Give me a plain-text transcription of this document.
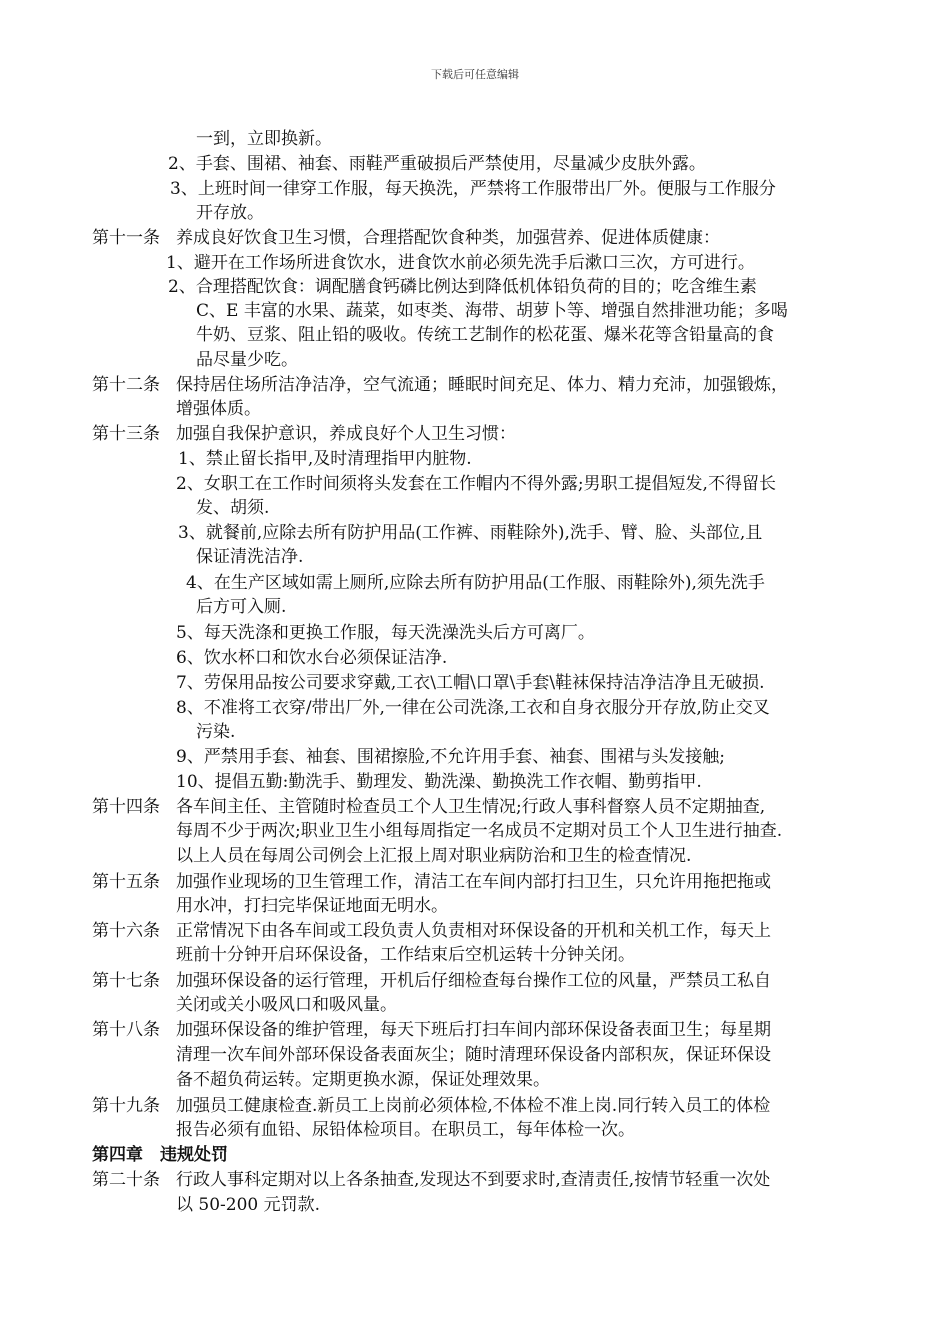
下载后可任意编辑
一到，立即换新。
2、手套、围裙、袖套、雨鞋严重破损后严禁使用，尽量减少皮肤外露。
3、上班时间一律穿工作服，每天换洗，严禁将工作服带出厂外。便服与工作服分
开存放。
第十一条 养成良好饮食卫生习惯，合理搭配饮食种类，加强营养、促进体质健康：
1、避开在工作场所进食饮水，进食饮水前必须先洗手后漱口三次，方可进行。
2、合理搭配饮食：调配膳食钙磷比例达到降低机体铅负荷的目的；吃含维生素
C、E 丰富的水果、蔬菜，如枣类、海带、胡萝卜等、增强自然排泄功能；多喝
牛奶、豆浆、阻止铅的吸收。传统工艺制作的松花蛋、爆米花等含铅量高的食
品尽量少吃。
第十二条 保持居住场所洁净洁净，空气流通；睡眠时间充足、体力、精力充沛，加强锻炼，
增强体质。
第十三条 加强自我保护意识，养成良好个人卫生习惯：
1、禁止留长指甲,及时清理指甲内脏物.
2、女职工在工作时间须将头发套在工作帽内不得外露;男职工提倡短发,不得留长
发、胡须.
3、就餐前,应除去所有防护用品(工作裤、雨鞋除外),洗手、臂、脸、头部位,且
保证清洗洁净.
4、在生产区域如需上厕所,应除去所有防护用品(工作服、雨鞋除外),须先洗手
后方可入厕.
5、每天洗涤和更换工作服，每天洗澡洗头后方可离厂。
6、饮水杯口和饮水台必须保证洁净.
7、劳保用品按公司要求穿戴,工衣\工帽\口罩\手套\鞋袜保持洁净洁净且无破损.
8、不准将工衣穿/带出厂外,一律在公司洗涤,工衣和自身衣服分开存放,防止交叉
污染.
9、严禁用手套、袖套、围裙擦脸,不允许用手套、袖套、围裙与头发接触;
10、提倡五勤:勤洗手、勤理发、勤洗澡、勤换洗工作衣帽、勤剪指甲.
第十四条 各车间主任、主管随时检查员工个人卫生情况;行政人事科督察人员不定期抽查,
每周不少于两次;职业卫生小组每周指定一名成员不定期对员工个人卫生进行抽查.
以上人员在每周公司例会上汇报上周对职业病防治和卫生的检查情况.
第十五条 加强作业现场的卫生管理工作，清洁工在车间内部打扫卫生，只允许用拖把拖或
用水冲，打扫完毕保证地面无明水。
第十六条 正常情况下由各车间或工段负责人负责相对环保设备的开机和关机工作，每天上
班前十分钟开启环保设备，工作结束后空机运转十分钟关闭。
第十七条 加强环保设备的运行管理，开机后仔细检查每台操作工位的风量，严禁员工私自
关闭或关小吸风口和吸风量。
第十八条 加强环保设备的维护管理，每天下班后打扫车间内部环保设备表面卫生；每星期
清理一次车间外部环保设备表面灰尘；随时清理环保设备内部积灰，保证环保设
备不超负荷运转。定期更换水源，保证处理效果。
第十九条 加强员工健康检查.新员工上岗前必须体检,不体检不准上岗.同行转入员工的体检
报告必须有血铅、尿铅体检项目。在职员工，每年体检一次。
第四章　违规处罚
第二十条 行政人事科定期对以上各条抽查,发现达不到要求时,查清责任,按情节轻重一次处
以 50-200 元罚款.
